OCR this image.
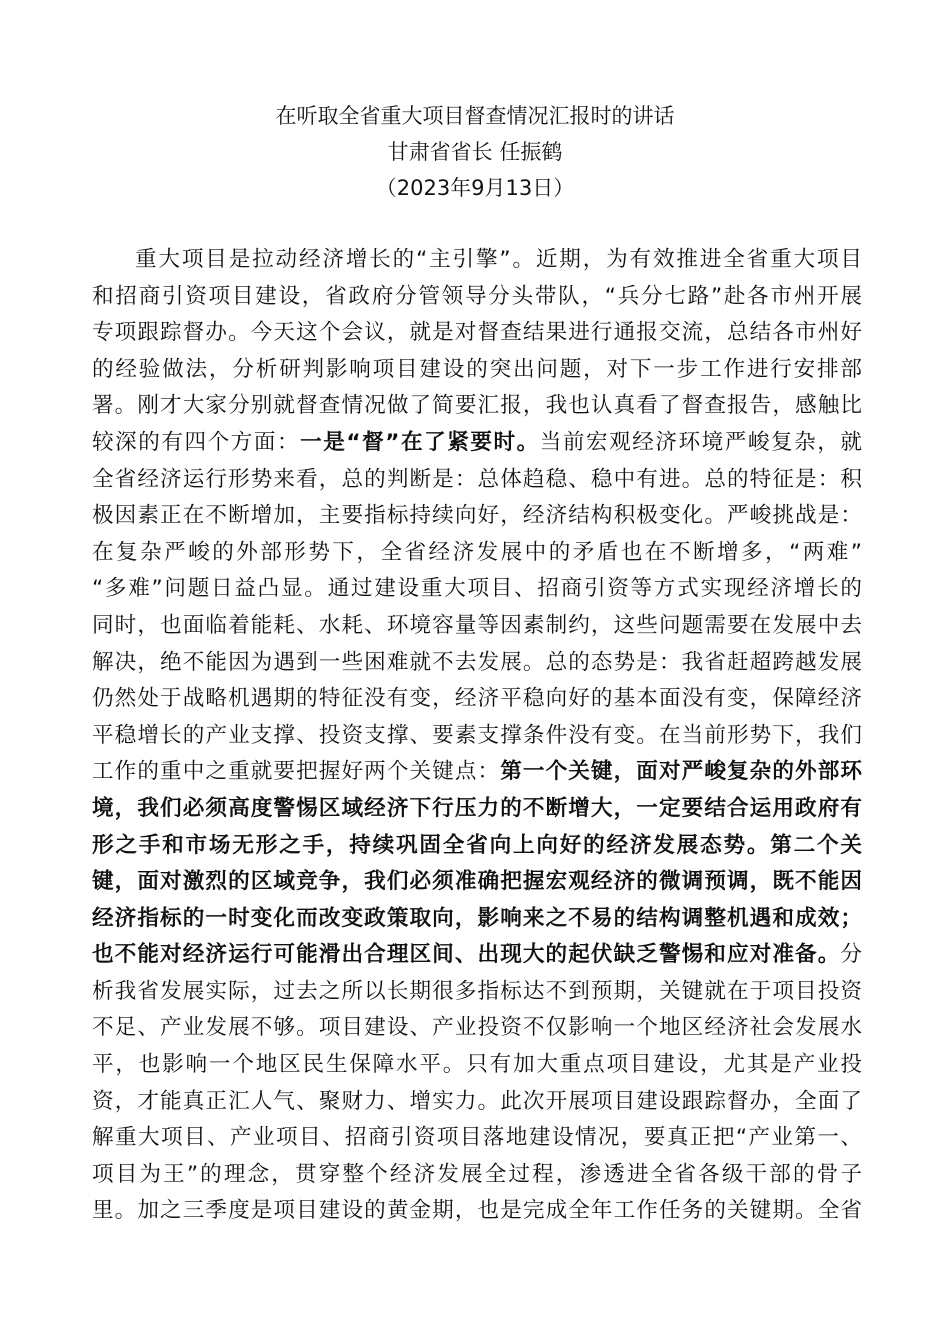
在听取全省重大项目督查情况汇报时的讲话
甘肃省省长 任振鹤
（2023年9月13日）
重大项目是拉动经济增长的“主引擎”。近期，为有效推进全省重大项目
和招商引资项目建设，省政府分管领导分头带队，“兵分七路”赴各市州开展
专项跟踪督办。今天这个会议，就是对督查结果进行通报交流，总结各市州好
的经验做法，分析研判影响项目建设的突出问题，对下一步工作进行安排部
署。刚才大家分别就督查情况做了简要汇报，我也认真看了督查报告，感触比
较深的有四个方面：一是“督”在了紧要时。当前宏观经济环境严峻复杂，就
全省经济运行形势来看，总的判断是：总体趋稳、稳中有进。总的特征是：积
极因素正在不断增加，主要指标持续向好，经济结构积极变化。严峻挑战是：
在复杂严峻的外部形势下，全省经济发展中的矛盾也在不断增多，“两难”
“多难”问题日益凸显。通过建设重大项目、招商引资等方式实现经济增长的
同时，也面临着能耗、水耗、环境容量等因素制约，这些问题需要在发展中去
解决，绝不能因为遇到一些困难就不去发展。总的态势是：我省赶超跨越发展
仍然处于战略机遇期的特征没有变，经济平稳向好的基本面没有变，保障经济
平稳增长的产业支撑、投资支撑、要素支撑条件没有变。在当前形势下，我们
工作的重中之重就要把握好两个关键点：第一个关键，面对严峻复杂的外部环
境，我们必须高度警惕区域经济下行压力的不断增大，一定要结合运用政府有
形之手和市场无形之手，持续巩固全省向上向好的经济发展态势。第二个关
键，面对激烈的区域竞争，我们必须准确把握宏观经济的微调预调，既不能因
经济指标的一时变化而改变政策取向，影响来之不易的结构调整机遇和成效；
也不能对经济运行可能滑出合理区间、出现大的起伏缺乏警惕和应对准备。分
析我省发展实际，过去之所以长期很多指标达不到预期，关键就在于项目投资
不足、产业发展不够。项目建设、产业投资不仅影响一个地区经济社会发展水
平，也影响一个地区民生保障水平。只有加大重点项目建设，尤其是产业投
资，才能真正汇人气、聚财力、增实力。此次开展项目建设跟踪督办，全面了
解重大项目、产业项目、招商引资项目落地建设情况，要真正把“产业第一、
项目为王”的理念，贯穿整个经济发展全过程，渗透进全省各级干部的骨子
里。加之三季度是项目建设的黄金期，也是完成全年工作任务的关键期。全省
